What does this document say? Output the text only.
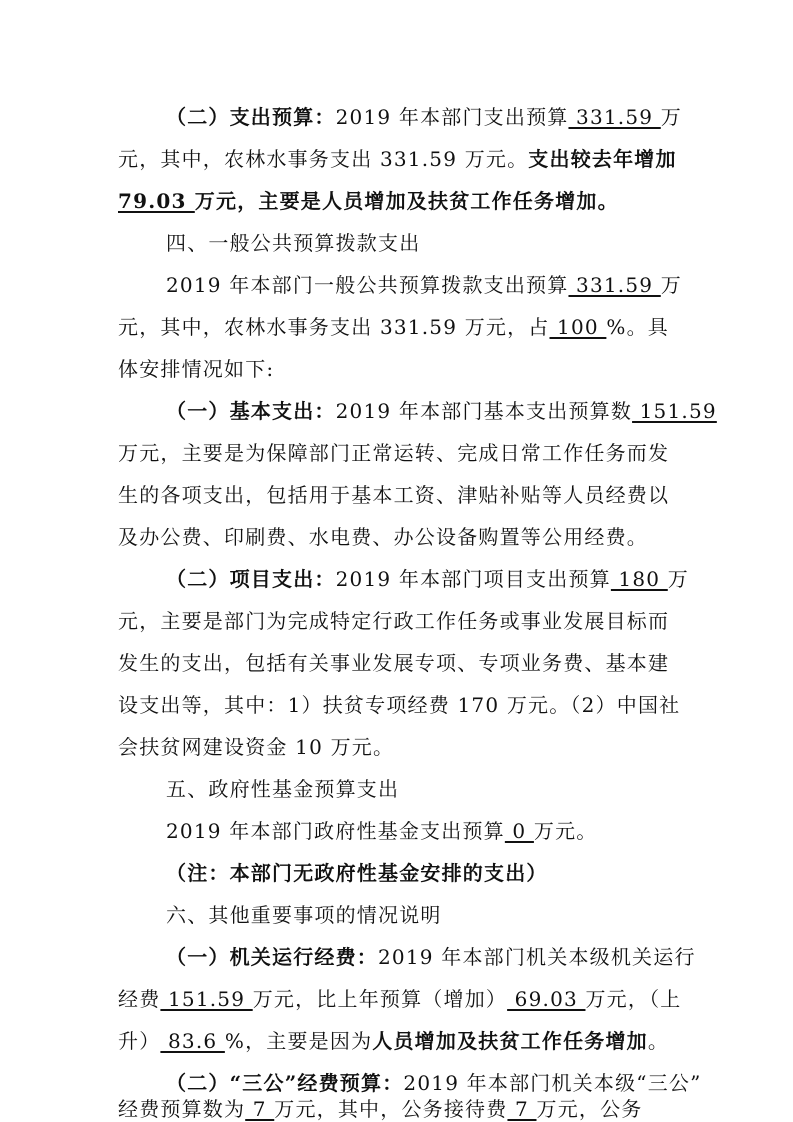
（二）支出预算：2019 年本部门支出预算 331.59 万
元，其中，农林水事务支出 331.59 万元。支出较去年增加
79.03 万元，主要是人员增加及扶贫工作任务增加。
四、一般公共预算拨款支出
2019 年本部门一般公共预算拨款支出预算 331.59 万
元，其中，农林水事务支出 331.59 万元，占 100 %。具
体安排情况如下:
（一）基本支出：2019 年本部门基本支出预算数 151.59
万元，主要是为保障部门正常运转、完成日常工作任务而发
生的各项支出，包括用于基本工资、津贴补贴等人员经费以
及办公费、印刷费、水电费、办公设备购置等公用经费。
（二）项目支出：2019 年本部门项目支出预算 180 万
元，主要是部门为完成特定行政工作任务或事业发展目标而
发生的支出，包括有关事业发展专项、专项业务费、基本建
设支出等，其中：1）扶贫专项经费 170 万元。（2）中国社
会扶贫网建设资金 10 万元。
五、政府性基金预算支出
2019 年本部门政府性基金支出预算 0 万元。
（注：本部门无政府性基金安排的支出）
六、其他重要事项的情况说明
（一）机关运行经费：2019 年本部门机关本级机关运行
经费 151.59 万元，比上年预算（增加） 69.03 万元，（上
升） 83.6 %，主要是因为人员增加及扶贫工作任务增加。
（二）“三公”经费预算：2019 年本部门机关本级“三公”
经费预算数为 7 万元，其中，公务接待费 7 万元，公务
